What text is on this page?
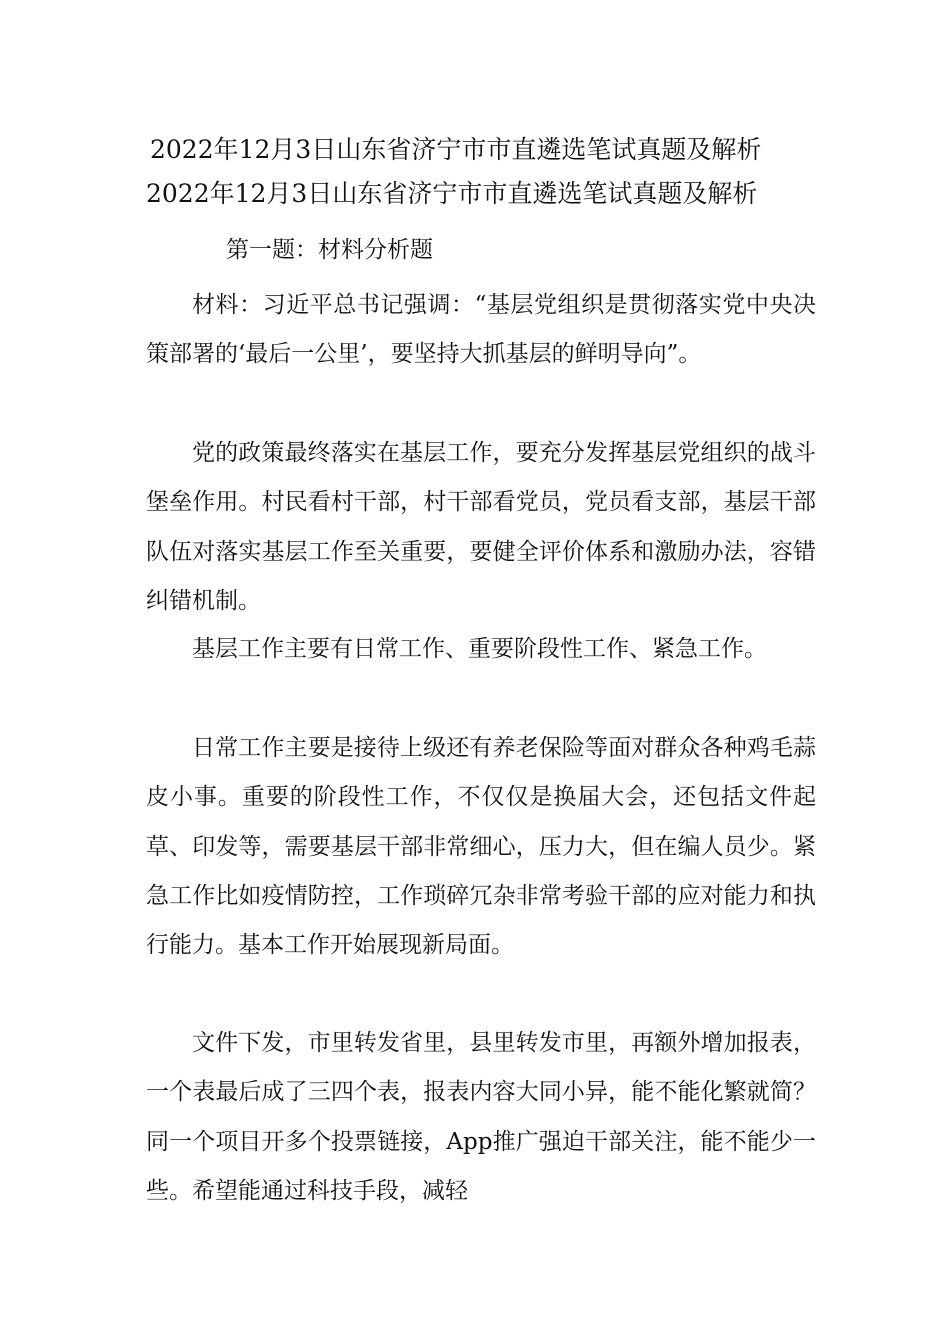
2022年12月3日山东省济宁市市直遴选笔试真题及解析
2022年12月3日山东省济宁市市直遴选笔试真题及解析
第一题：材料分析题

材料：习近平总书记强调：“基层党组织是贯彻落实党中央决策部署的‘最后一公里’，要坚持大抓基层的鲜明导向”。

党的政策最终落实在基层工作，要充分发挥基层党组织的战斗堡垒作用。村民看村干部，村干部看党员，党员看支部，基层干部队伍对落实基层工作至关重要，要健全评价体系和激励办法，容错纠错机制。

基层工作主要有日常工作、重要阶段性工作、紧急工作。

日常工作主要是接待上级还有养老保险等面对群众各种鸡毛蒜皮小事。重要的阶段性工作，不仅仅是换届大会，还包括文件起草、印发等，需要基层干部非常细心，压力大，但在编人员少。紧急工作比如疫情防控，工作琐碎冗杂非常考验干部的应对能力和执行能力。基本工作开始展现新局面。

文件下发，市里转发省里，县里转发市里，再额外增加报表，一个表最后成了三四个表，报表内容大同小异，能不能化繁就简？同一个项目开多个投票链接，App推广强迫干部关注，能不能少一些。希望能通过科技手段，减轻
